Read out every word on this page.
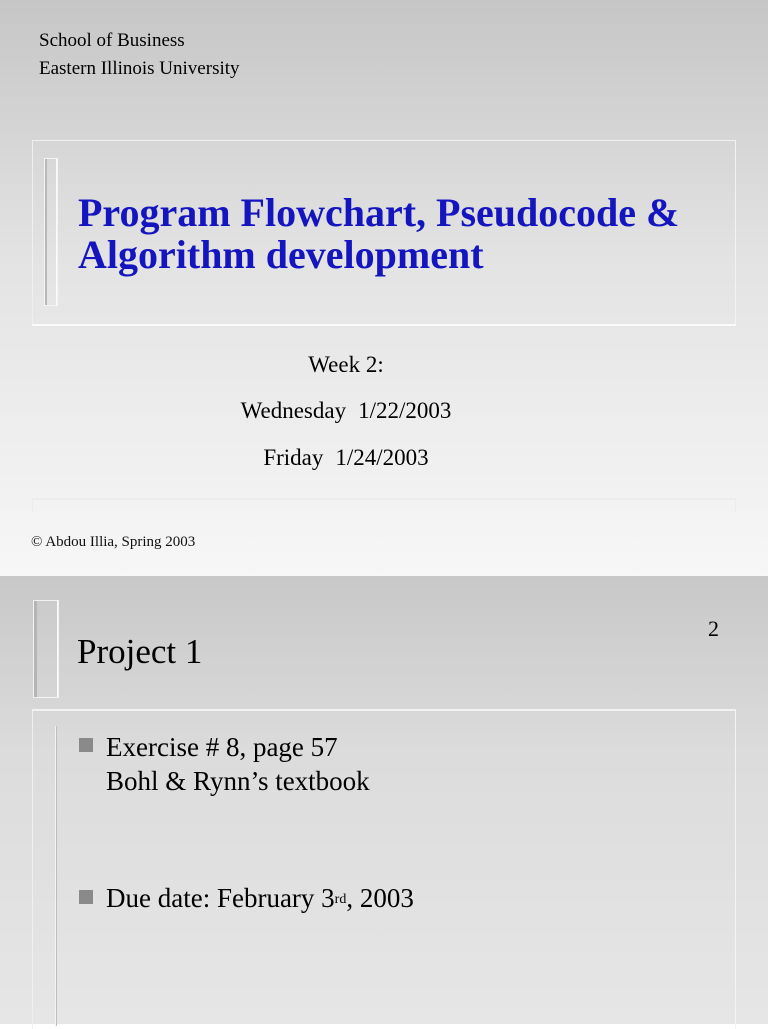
School of Business
Eastern Illinois University
Program Flowchart, Pseudocode & Algorithm development
Week 2:
Wednesday 1/22/2003
Friday 1/24/2003
© Abdou Illia, Spring 2003
Project 1
2
Exercise # 8, page 57
Bohl & Rynn’s textbook
Due date: February 3rd, 2003
